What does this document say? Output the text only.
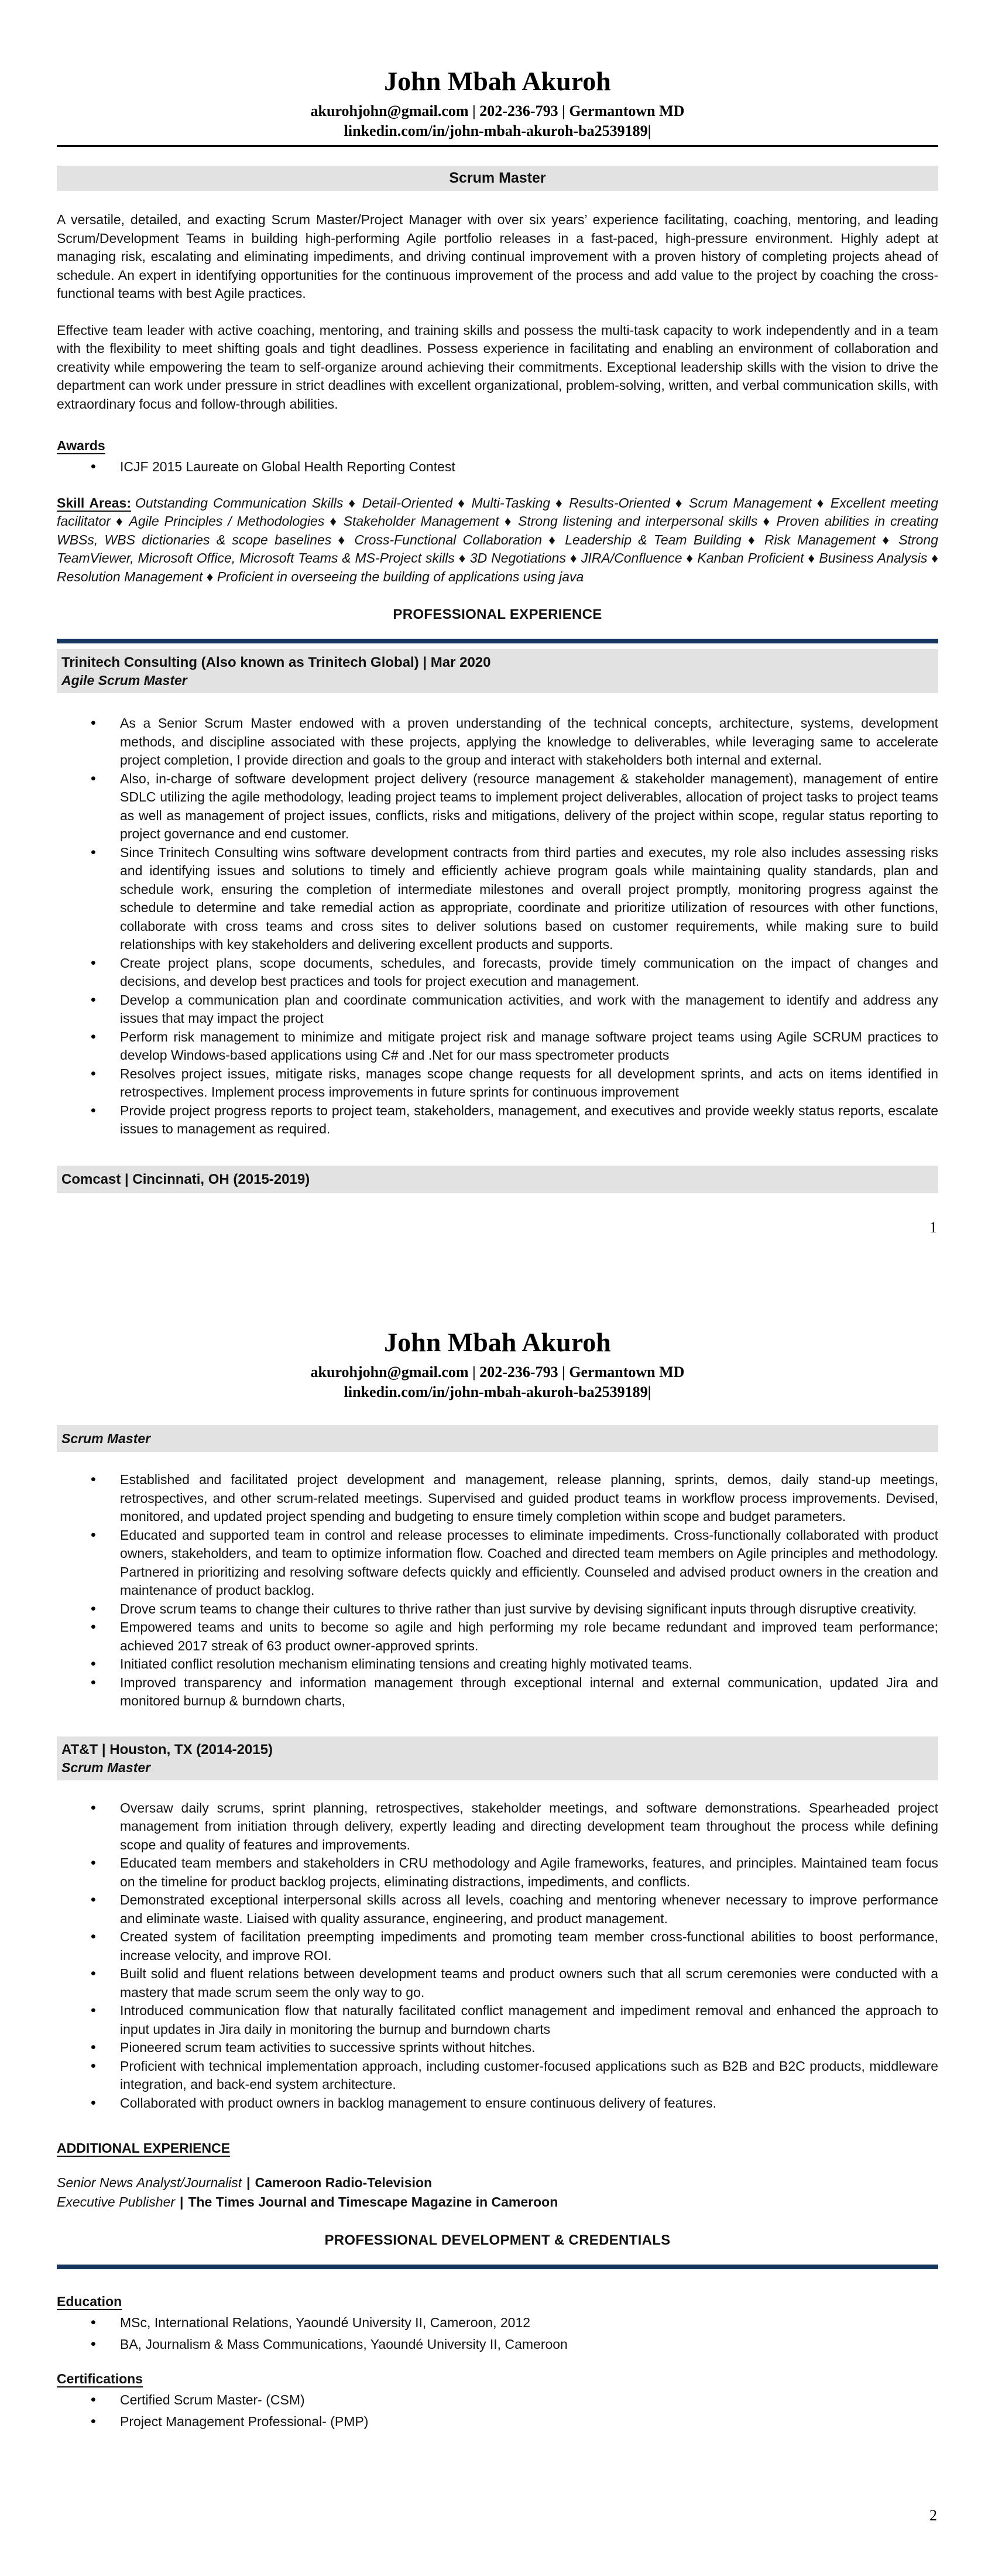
John Mbah Akuroh
akurohjohn@gmail.com | 202-236-793 | Germantown MD
linkedin.com/in/john-mbah-akuroh-ba2539189|
Scrum Master

A versatile, detailed, and exacting Scrum Master/Project Manager with over six years’ experience facilitating, coaching, mentoring, and leading Scrum/Development Teams in building high-performing Agile portfolio releases in a fast-paced, high-pressure environment. Highly adept at managing risk, escalating and eliminating impediments, and driving continual improvement with a proven history of completing projects ahead of schedule. An expert in identifying opportunities for the continuous improvement of the process and add value to the project by coaching the cross-functional teams with best Agile practices.

Effective team leader with active coaching, mentoring, and training skills and possess the multi-task capacity to work independently and in a team with the flexibility to meet shifting goals and tight deadlines. Possess experience in facilitating and enabling an environment of collaboration and creativity while empowering the team to self-organize around achieving their commitments. Exceptional leadership skills with the vision to drive the department can work under pressure in strict deadlines with excellent organizational, problem-solving, written, and verbal communication skills, with extraordinary focus and follow-through abilities.

Awards
• ICJF 2015 Laureate on Global Health Reporting Contest

Skill Areas: Outstanding Communication Skills ♦ Detail-Oriented ♦ Multi-Tasking ♦ Results-Oriented ♦ Scrum Management ♦ Excellent meeting facilitator ♦ Agile Principles / Methodologies ♦ Stakeholder Management ♦ Strong listening and interpersonal skills ♦ Proven abilities in creating WBSs, WBS dictionaries & scope baselines ♦ Cross-Functional Collaboration ♦ Leadership & Team Building ♦ Risk Management ♦ Strong TeamViewer, Microsoft Office, Microsoft Teams & MS-Project skills ♦ 3D Negotiations ♦ JIRA/Confluence ♦ Kanban Proficient ♦ Business Analysis ♦ Resolution Management ♦ Proficient in overseeing the building of applications using java

PROFESSIONAL EXPERIENCE
Trinitech Consulting (Also known as Trinitech Global) | Mar 2020
Agile Scrum Master
• As a Senior Scrum Master endowed with a proven understanding of the technical concepts, architecture, systems, development methods, and discipline associated with these projects, applying the knowledge to deliverables, while leveraging same to accelerate project completion, I provide direction and goals to the group and interact with stakeholders both internal and external.
• Also, in-charge of software development project delivery (resource management & stakeholder management), management of entire SDLC utilizing the agile methodology, leading project teams to implement project deliverables, allocation of project tasks to project teams as well as management of project issues, conflicts, risks and mitigations, delivery of the project within scope, regular status reporting to project governance and end customer.
• Since Trinitech Consulting wins software development contracts from third parties and executes, my role also includes assessing risks and identifying issues and solutions to timely and efficiently achieve program goals while maintaining quality standards, plan and schedule work, ensuring the completion of intermediate milestones and overall project promptly, monitoring progress against the schedule to determine and take remedial action as appropriate, coordinate and prioritize utilization of resources with other functions, collaborate with cross teams and cross sites to deliver solutions based on customer requirements, while making sure to build relationships with key stakeholders and delivering excellent products and supports.
• Create project plans, scope documents, schedules, and forecasts, provide timely communication on the impact of changes and decisions, and develop best practices and tools for project execution and management.
• Develop a communication plan and coordinate communication activities, and work with the management to identify and address any issues that may impact the project
• Perform risk management to minimize and mitigate project risk and manage software project teams using Agile SCRUM practices to develop Windows-based applications using C# and .Net for our mass spectrometer products
• Resolves project issues, mitigate risks, manages scope change requests for all development sprints, and acts on items identified in retrospectives. Implement process improvements in future sprints for continuous improvement
• Provide project progress reports to project team, stakeholders, management, and executives and provide weekly status reports, escalate issues to management as required.
Comcast | Cincinnati, OH (2015-2019)
1
John Mbah Akuroh
akurohjohn@gmail.com | 202-236-793 | Germantown MD
linkedin.com/in/john-mbah-akuroh-ba2539189|
Scrum Master
• Established and facilitated project development and management, release planning, sprints, demos, daily stand-up meetings, retrospectives, and other scrum-related meetings. Supervised and guided product teams in workflow process improvements. Devised, monitored, and updated project spending and budgeting to ensure timely completion within scope and budget parameters.
• Educated and supported team in control and release processes to eliminate impediments. Cross-functionally collaborated with product owners, stakeholders, and team to optimize information flow. Coached and directed team members on Agile principles and methodology. Partnered in prioritizing and resolving software defects quickly and efficiently. Counseled and advised product owners in the creation and maintenance of product backlog.
• Drove scrum teams to change their cultures to thrive rather than just survive by devising significant inputs through disruptive creativity.
• Empowered teams and units to become so agile and high performing my role became redundant and improved team performance; achieved 2017 streak of 63 product owner-approved sprints.
• Initiated conflict resolution mechanism eliminating tensions and creating highly motivated teams.
• Improved transparency and information management through exceptional internal and external communication, updated Jira and monitored burnup & burndown charts,
AT&T | Houston, TX (2014-2015)
Scrum Master
• Oversaw daily scrums, sprint planning, retrospectives, stakeholder meetings, and software demonstrations. Spearheaded project management from initiation through delivery, expertly leading and directing development team throughout the process while defining scope and quality of features and improvements.
• Educated team members and stakeholders in CRU methodology and Agile frameworks, features, and principles. Maintained team focus on the timeline for product backlog projects, eliminating distractions, impediments, and conflicts.
• Demonstrated exceptional interpersonal skills across all levels, coaching and mentoring whenever necessary to improve performance and eliminate waste. Liaised with quality assurance, engineering, and product management.
• Created system of facilitation preempting impediments and promoting team member cross-functional abilities to boost performance, increase velocity, and improve ROI.
• Built solid and fluent relations between development teams and product owners such that all scrum ceremonies were conducted with a mastery that made scrum seem the only way to go.
• Introduced communication flow that naturally facilitated conflict management and impediment removal and enhanced the approach to input updates in Jira daily in monitoring the burnup and burndown charts
• Pioneered scrum team activities to successive sprints without hitches.
• Proficient with technical implementation approach, including customer-focused applications such as B2B and B2C products, middleware integration, and back-end system architecture.
• Collaborated with product owners in backlog management to ensure continuous delivery of features.
ADDITIONAL EXPERIENCE
Senior News Analyst/Journalist | Cameroon Radio-Television
Executive Publisher | The Times Journal and Timescape Magazine in Cameroon
PROFESSIONAL DEVELOPMENT & CREDENTIALS
Education
• MSc, International Relations, Yaoundé University II, Cameroon, 2012
• BA, Journalism & Mass Communications, Yaoundé University II, Cameroon
Certifications
• Certified Scrum Master- (CSM)
• Project Management Professional- (PMP)
2
